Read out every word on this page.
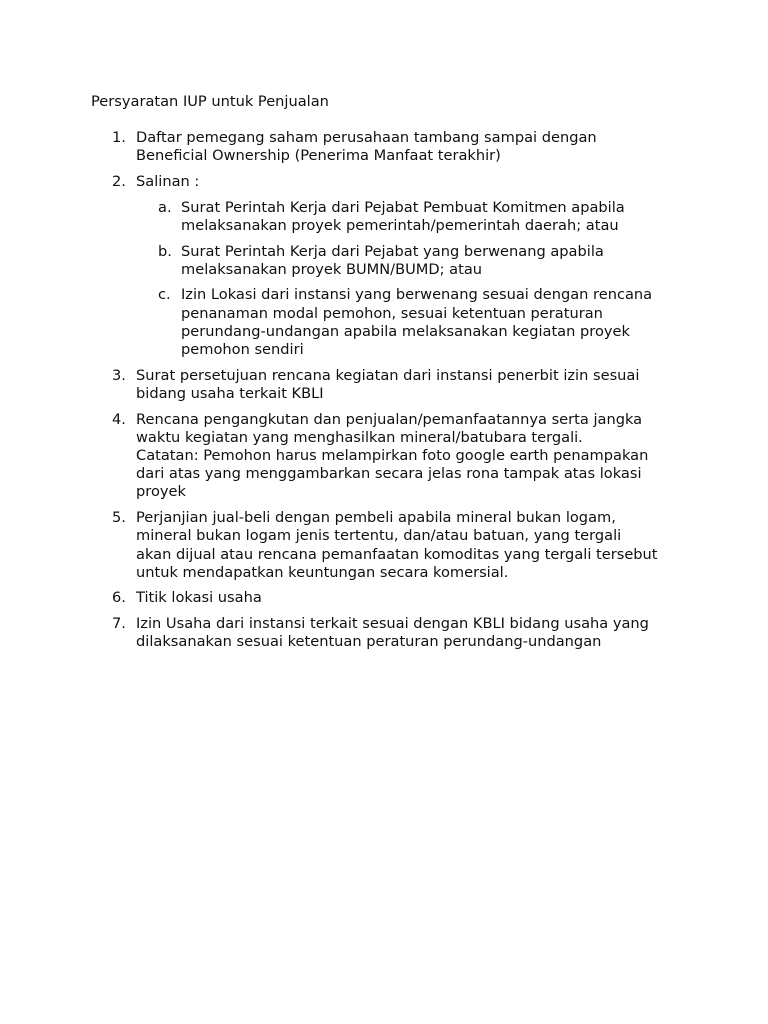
Persyaratan IUP untuk Penjualan
1. Daftar pemegang saham perusahaan tambang sampai dengan
Beneficial Ownership (Penerima Manfaat terakhir)
2. Salinan :
a. Surat Perintah Kerja dari Pejabat Pembuat Komitmen apabila
melaksanakan proyek pemerintah/pemerintah daerah; atau
b. Surat Perintah Kerja dari Pejabat yang berwenang apabila
melaksanakan proyek BUMN/BUMD; atau
c. Izin Lokasi dari instansi yang berwenang sesuai dengan rencana
penanaman modal pemohon, sesuai ketentuan peraturan
perundang-undangan apabila melaksanakan kegiatan proyek
pemohon sendiri
3. Surat persetujuan rencana kegiatan dari instansi penerbit izin sesuai
bidang usaha terkait KBLI
4. Rencana pengangkutan dan penjualan/pemanfaatannya serta jangka
waktu kegiatan yang menghasilkan mineral/batubara tergali.
Catatan: Pemohon harus melampirkan foto google earth penampakan
dari atas yang menggambarkan secara jelas rona tampak atas lokasi
proyek
5. Perjanjian jual-beli dengan pembeli apabila mineral bukan logam,
mineral bukan logam jenis tertentu, dan/atau batuan, yang tergali
akan dijual atau rencana pemanfaatan komoditas yang tergali tersebut
untuk mendapatkan keuntungan secara komersial.
6. Titik lokasi usaha
7. Izin Usaha dari instansi terkait sesuai dengan KBLI bidang usaha yang
dilaksanakan sesuai ketentuan peraturan perundang-undangan
